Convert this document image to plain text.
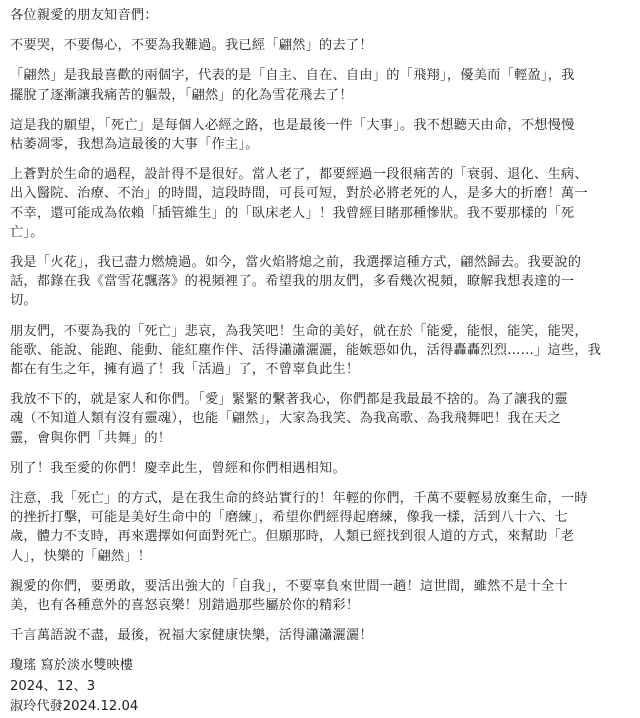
各位親愛的朋友知音們：
不要哭，不要傷心，不要為我難過。我已經「翩然」的去了！
「翩然」是我最喜歡的兩個字，代表的是「自主、自在、自由」的「飛翔」，優美而「輕盈」，我
擺脫了逐漸讓我痛苦的軀殼，「翩然」的化為雪花飛去了！
這是我的願望，「死亡」是每個人必經之路，也是最後一件「大事」。我不想聽天由命，不想慢慢
枯萎凋零，我想為這最後的大事「作主」。
上蒼對於生命的過程，設計得不是很好。當人老了，都要經過一段很痛苦的「衰弱、退化、生病、
出入醫院、治療、不治」的時間，這段時間，可長可短，對於必將老死的人，是多大的折磨！萬一
不幸，還可能成為依賴「插管維生」的「臥床老人」！我曾經目睹那種慘狀。我不要那樣的「死
亡」。
我是「火花」，我已盡力燃燒過。如今，當火焰將熄之前，我選擇這種方式，翩然歸去。我要說的
話，都錄在我《當雪花飄落》的視頻裡了。希望我的朋友們，多看幾次視頻，瞭解我想表達的一
切。
朋友們，不要為我的「死亡」悲哀，為我笑吧！生命的美好，就在於「能愛，能恨，能笑，能哭，
能歌、能說、能跑、能動、能紅塵作伴、活得瀟瀟灑灑，能嫉惡如仇，活得轟轟烈烈……」這些，我
都在有生之年，擁有過了！我「活過」了，不曾辜負此生！
我放不下的，就是家人和你們。「愛」緊緊的繫著我心，你們都是我最最不捨的。為了讓我的靈
魂（不知道人類有沒有靈魂），也能「翩然」，大家為我笑、為我高歌、為我飛舞吧！我在天之
靈，會與你們「共舞」的！
別了！我至愛的你們！慶幸此生，曾經和你們相遇相知。
注意，我「死亡」的方式，是在我生命的終站實行的！年輕的你們，千萬不要輕易放棄生命，一時
的挫折打擊，可能是美好生命中的「磨練」，希望你們經得起磨練，像我一樣，活到八十六、七
歲，體力不支時，再來選擇如何面對死亡。但願那時，人類已經找到很人道的方式，來幫助「老
人」，快樂的「翩然」！
親愛的你們，要勇敢，要活出強大的「自我」，不要辜負來世間一趟！這世間，雖然不是十全十
美，也有各種意外的喜怒哀樂！別錯過那些屬於你的精彩！
千言萬語說不盡，最後，祝福大家健康快樂，活得瀟瀟灑灑！
瓊瑤 寫於淡水雙映樓
2024、12、3
淑玲代發2024.12.04
